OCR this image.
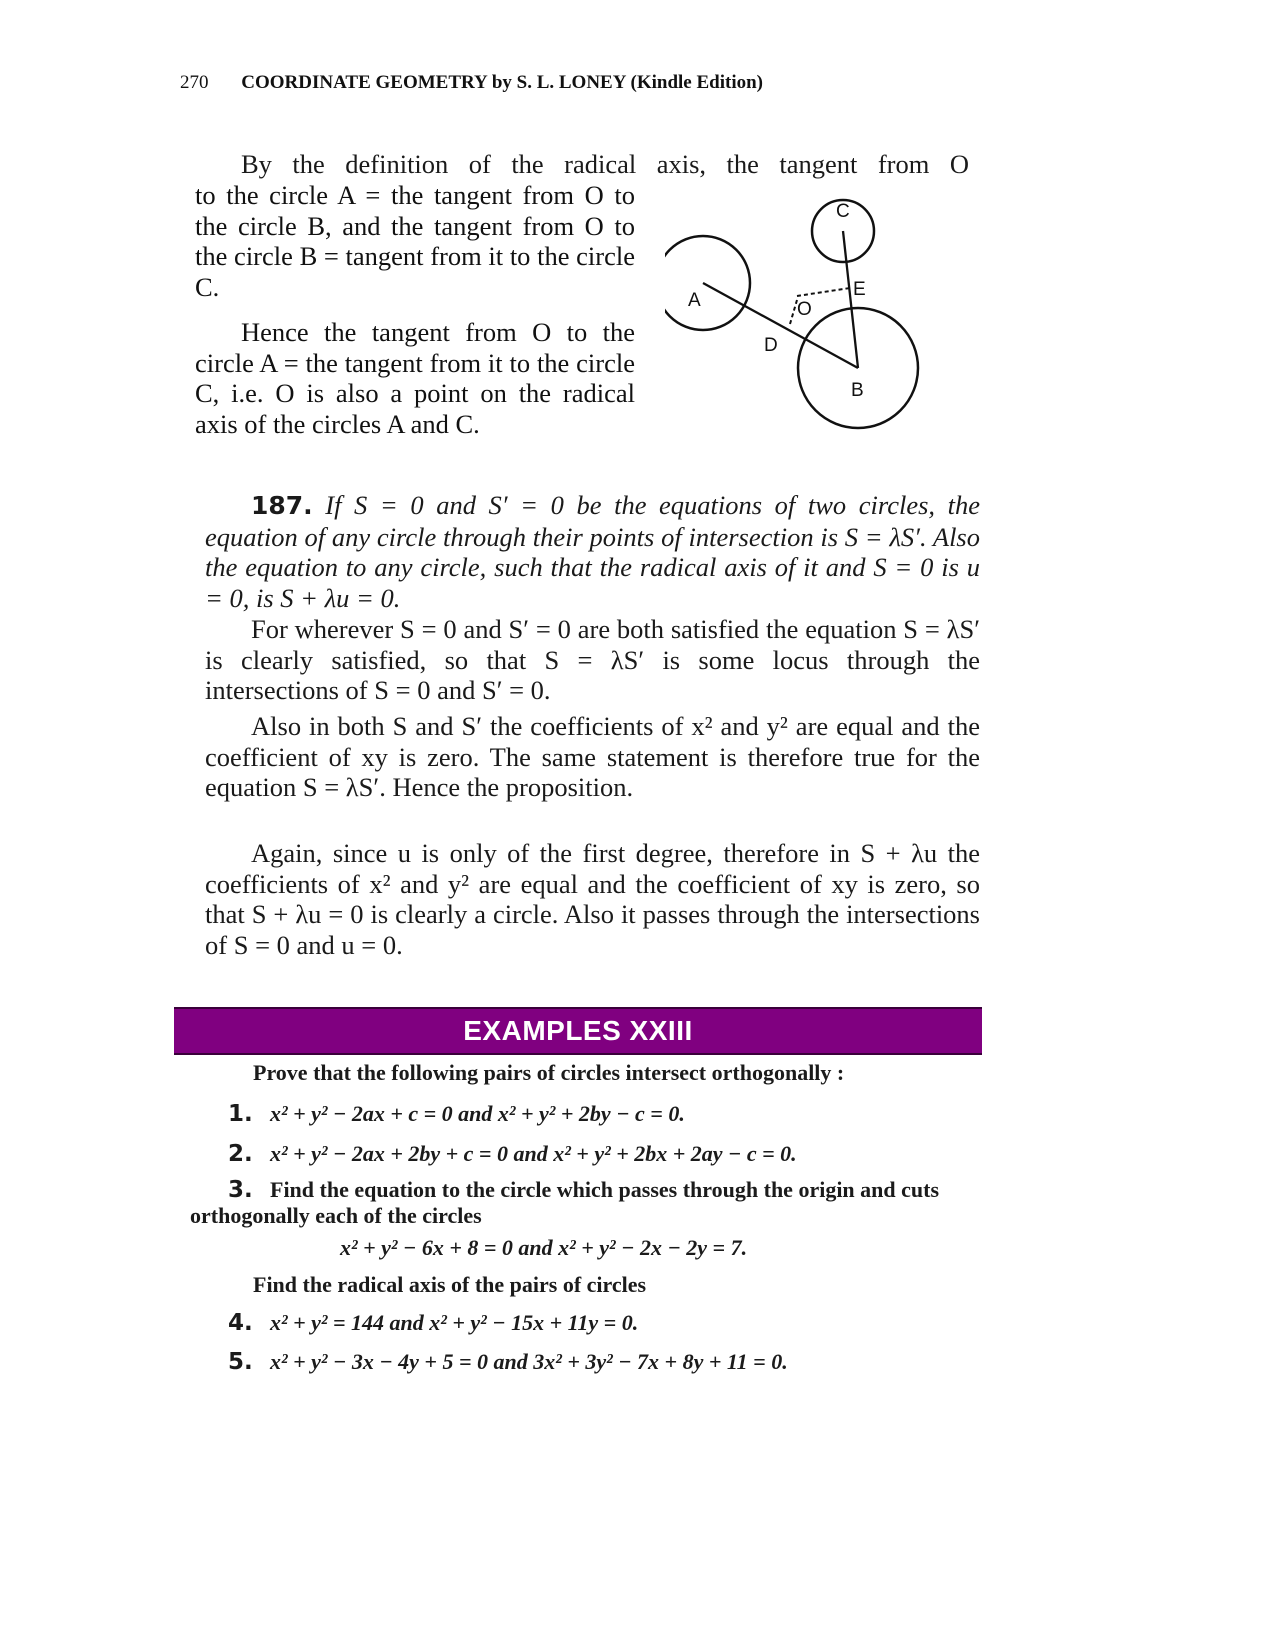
270 COORDINATE GEOMETRY by S. L. LONEY (Kindle Edition)
By the definition of the radical axis, the tangent from O
to the circle A = the tangent from O to the circle B, and the tangent from O to the circle B = tangent from it to the circle C.
Hence the tangent from O to the circle A = the tangent from it to the circle C, i.e. O is also a point on the radical axis of the circles A and C.
A
B
C
D
E
O
187. If S = 0 and S′ = 0 be the equations of two circles, the equation of any circle through their points of intersection is S = λS′. Also the equation to any circle, such that the radical axis of it and S = 0 is u = 0, is S + λu = 0.
For wherever S = 0 and S′ = 0 are both satisfied the equation S = λS′ is clearly satisfied, so that S = λS′ is some locus through the intersections of S = 0 and S′ = 0.
Also in both S and S′ the coefficients of x² and y² are equal and the coefficient of xy is zero. The same statement is therefore true for the equation S = λS′. Hence the proposition.
Again, since u is only of the first degree, therefore in S + λu the coefficients of x² and y² are equal and the coefficient of xy is zero, so that S + λu = 0 is clearly a circle. Also it passes through the intersections of S = 0 and u = 0.
EXAMPLES XXIII
Prove that the following pairs of circles intersect orthogonally :
1. x² + y² − 2ax + c = 0 and x² + y² + 2by − c = 0.
2. x² + y² − 2ax + 2by + c = 0 and x² + y² + 2bx + 2ay − c = 0.
3. Find the equation to the circle which passes through the origin and cuts orthogonally each of the circles
x² + y² − 6x + 8 = 0 and x² + y² − 2x − 2y = 7.
Find the radical axis of the pairs of circles
4. x² + y² = 144 and x² + y² − 15x + 11y = 0.
5. x² + y² − 3x − 4y + 5 = 0 and 3x² + 3y² − 7x + 8y + 11 = 0.
